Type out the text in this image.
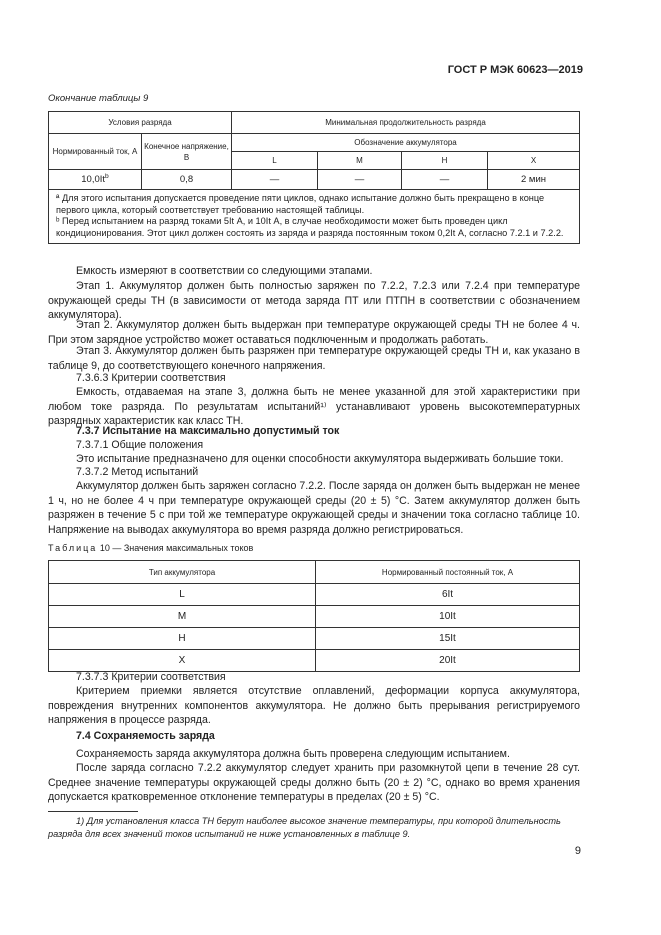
ГОСТ Р МЭК 60623—2019
Окончание таблицы 9
Условия разряда		Минимальная продолжительность разряда			
Нормированный ток, А	Конечное напряжение, В	Обозначение аккумулятора			
		L	M	H	X
10,0It$^b$	0,8	—	—	—	2 мин

ª Для этого испытания допускается проведение пяти циклов, однако испытание должно быть прекращено в конце первого цикла, который соответствует требованию настоящей таблицы.
ᵇ Перед испытанием на разряд токами 5It А, и 10It А, в случае необходимости может быть проведен цикл кондиционирования. Этот цикл должен состоять из заряда и разряда постоянным током 0,2It А, согласно 7.2.1 и 7.2.2.					
Емкость измеряют в соответствии со следующими этапами.
Этап 1. Аккумулятор должен быть полностью заряжен по 7.2.2, 7.2.3 или 7.2.4 при температуре окружающей среды TH (в зависимости от метода заряда ПТ или ПТПН в соответствии с обозначением аккумулятора).
Этап 2. Аккумулятор должен быть выдержан при температуре окружающей среды TH не более 4 ч. При этом зарядное устройство может оставаться подключенным и продолжать работать.
Этап 3. Аккумулятор должен быть разряжен при температуре окружающей среды TH и, как указано в таблице 9, до соответствующего конечного напряжения.
7.3.6.3 Критерии соответствия
Емкость, отдаваемая на этапе 3, должна быть не менее указанной для этой характеристики при любом токе разряда. По результатам испытаний¹⁾ устанавливают уровень высокотемпературных разрядных характеристик как класс TH.
7.3.7 Испытание на максимально допустимый ток
7.3.7.1 Общие положения
Это испытание предназначено для оценки способности аккумулятора выдерживать большие токи.
7.3.7.2 Метод испытаний
Аккумулятор должен быть заряжен согласно 7.2.2. После заряда он должен быть выдержан не менее 1 ч, но не более 4 ч при температуре окружающей среды (20 ± 5) °С. Затем аккумулятор должен быть разряжен в течение 5 с при той же температуре окружающей среды и значении тока согласно таблице 10. Напряжение на выводах аккумулятора во время разряда должно регистрироваться.
Таблица 10 — Значения максимальных токов
Тип аккумулятора	Нормированный постоянный ток, А
L	6It
M	10It
H	15It
X	20It
7.3.7.3 Критерии соответствия
Критерием приемки является отсутствие оплавлений, деформации корпуса аккумулятора, повреждения внутренних компонентов аккумулятора. Не должно быть прерывания регистрируемого напряжения в процессе разряда.
7.4 Сохраняемость заряда
Сохраняемость заряда аккумулятора должна быть проверена следующим испытанием.
После заряда согласно 7.2.2 аккумулятор следует хранить при разомкнутой цепи в течение 28 сут. Среднее значение температуры окружающей среды должно быть (20 ± 2) °С, однако во время хранения допускается кратковременное отклонение температуры в пределах (20 ± 5) °С.
1) Для установления класса TH берут наиболее высокое значение температуры, при которой длительность разряда для всех значений токов испытаний не ниже установленных в таблице 9.
9
